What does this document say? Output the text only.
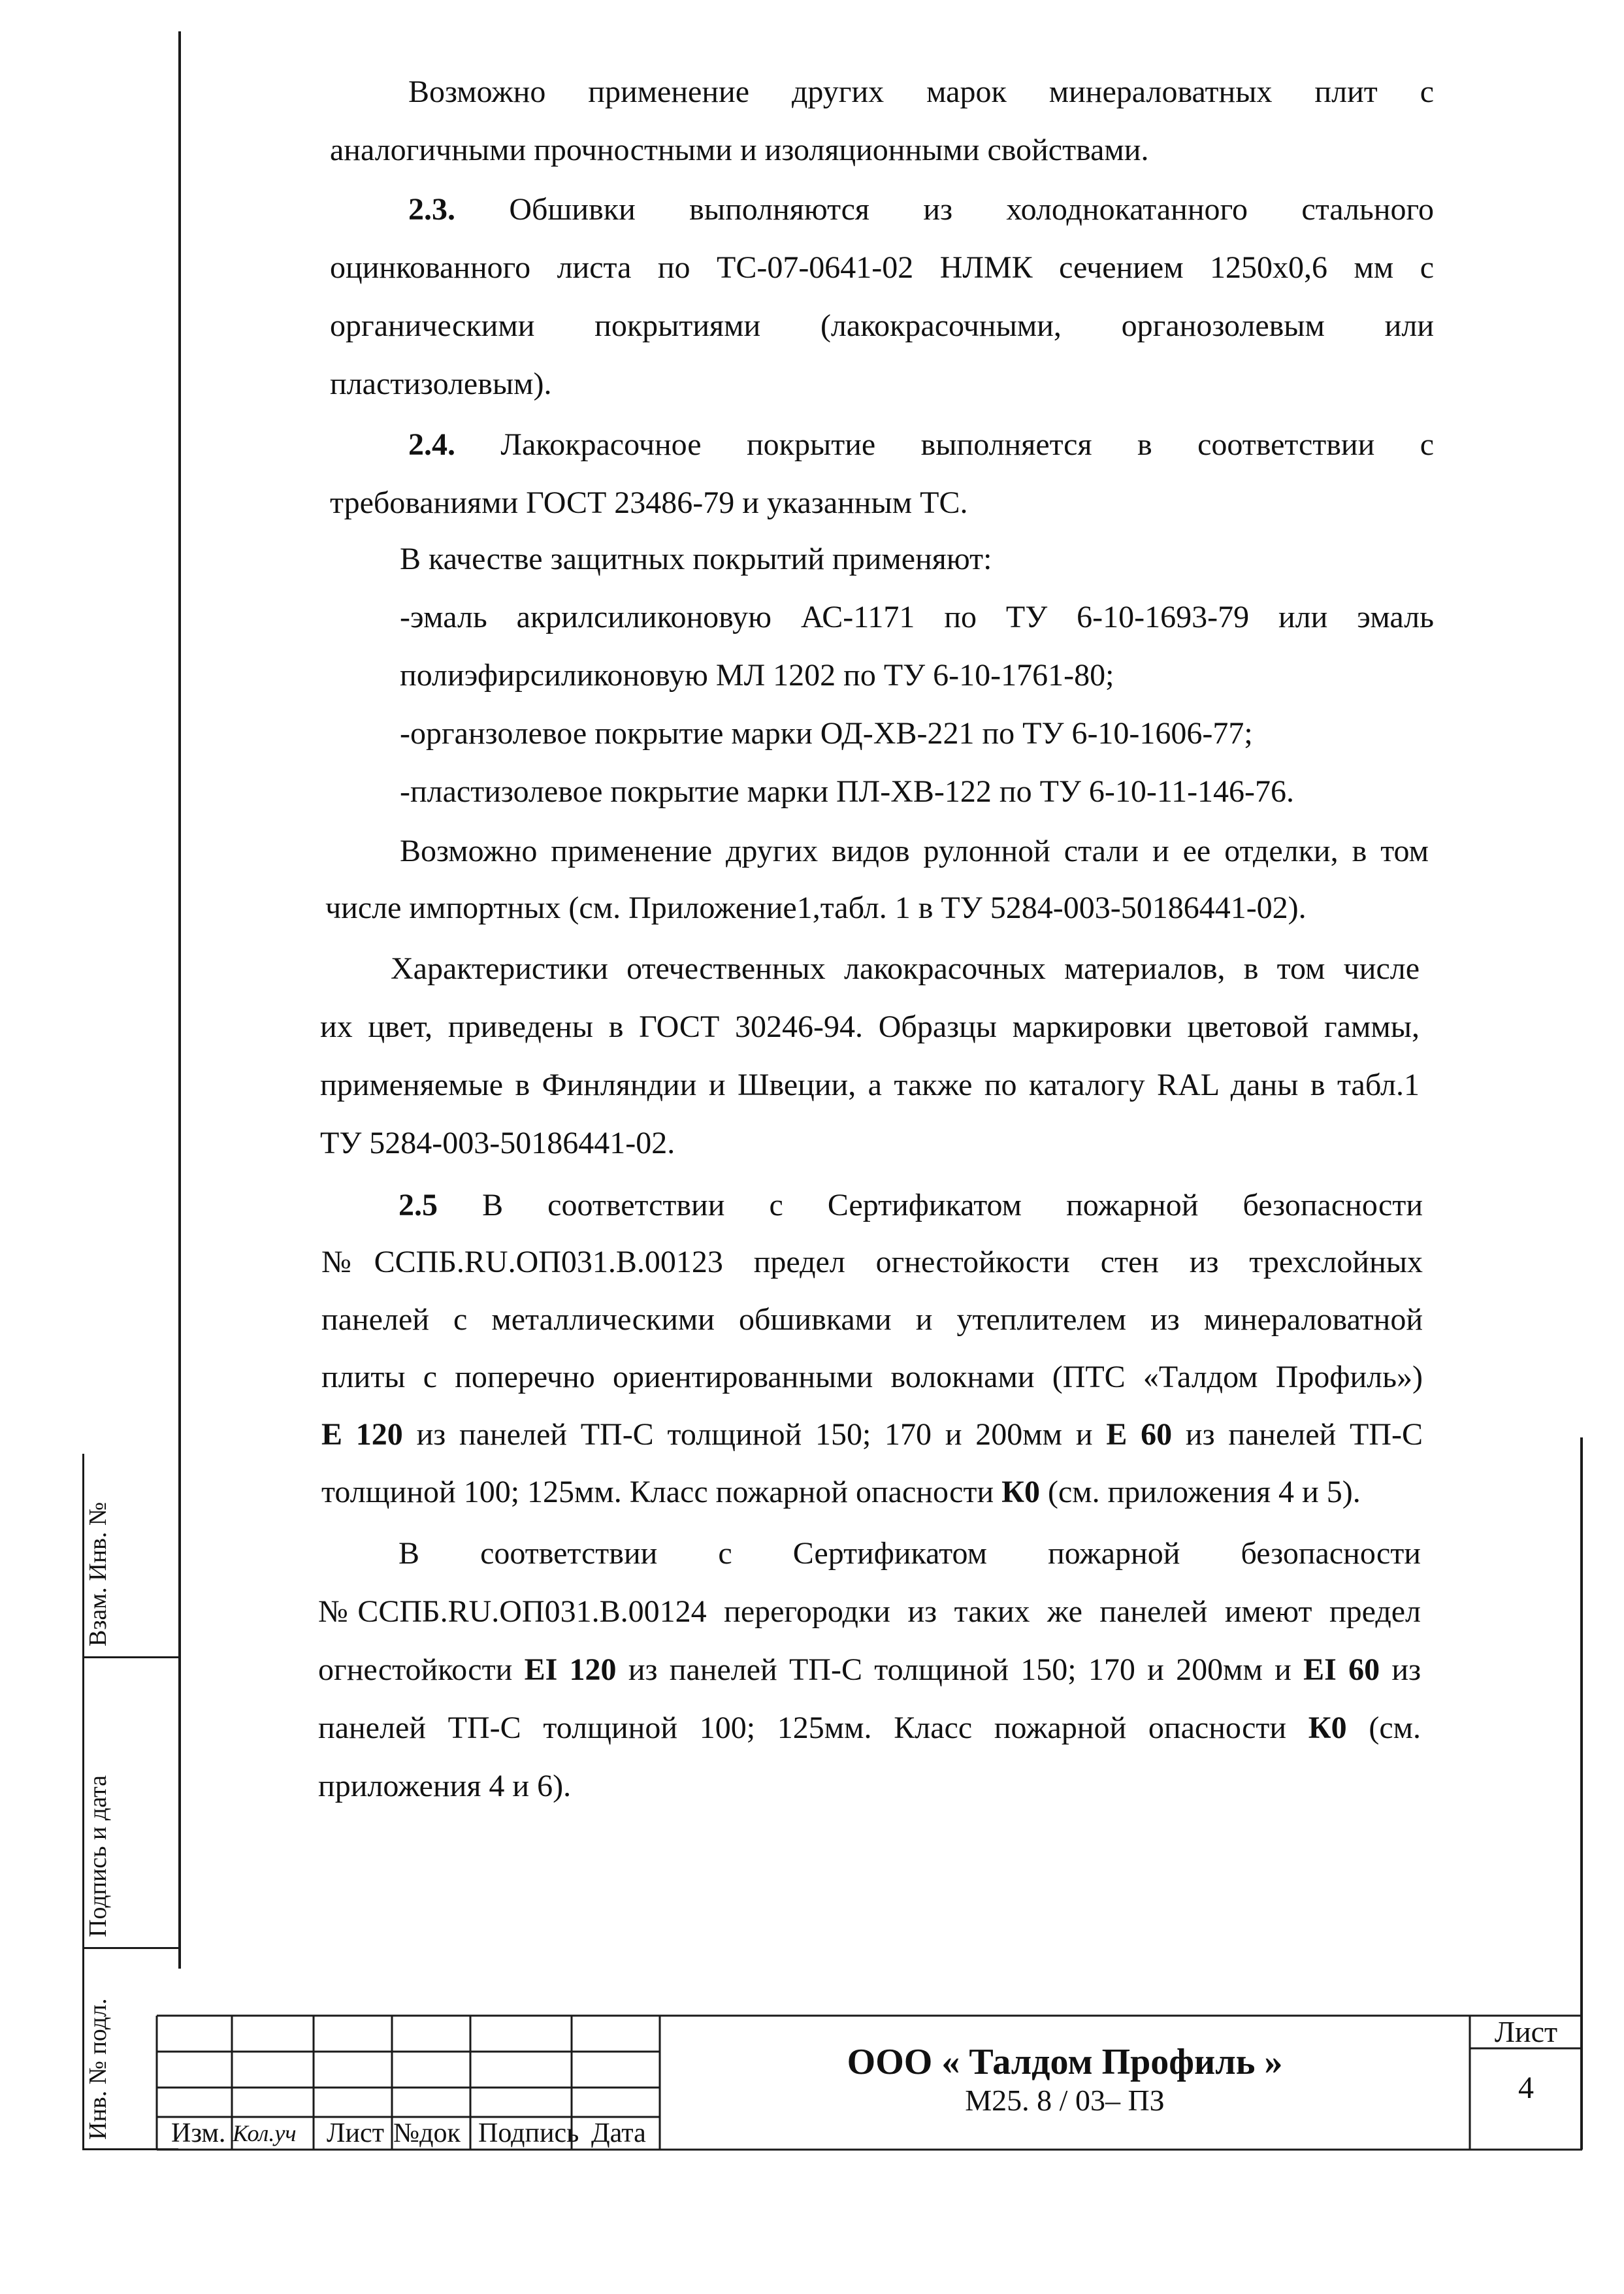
Взам. Инв. №
Подпись и дата
Инв. № подл.
Возможно применение других марок минераловатных плит с
аналогичными прочностными и изоляционными свойствами.
2.3. Обшивки выполняются из холоднокатанного стального
оцинкованного листа по ТС-07-0641-02 НЛМК сечением 1250х0,6 мм с
органическими покрытиями (лакокрасочными, органозолевым или
пластизолевым).
2.4. Лакокрасочное покрытие выполняется в соответствии с
требованиями ГОСТ 23486-79 и указанным ТС.
В качестве защитных покрытий применяют:
-эмаль акрилсиликоновую АС-1171 по ТУ 6-10-1693-79 или эмаль
полиэфирсиликоновую МЛ 1202 по ТУ 6-10-1761-80;
-органзолевое покрытие марки ОД-ХВ-221 по ТУ 6-10-1606-77;
-пластизолевое покрытие марки ПЛ-ХВ-122 по ТУ 6-10-11-146-76.
Возможно применение других видов рулонной стали и ее отделки, в том
числе импортных (см. Приложение1,табл. 1 в ТУ 5284-003-50186441-02).
Характеристики отечественных лакокрасочных материалов, в том числе
их цвет, приведены в ГОСТ 30246-94. Образцы маркировки цветовой гаммы,
применяемые в Финляндии и Швеции, а также по каталогу RAL даны в табл.1
ТУ 5284-003-50186441-02.
2.5 В соответствии с Сертификатом пожарной безопасности
№ССПБ.RU.ОП031.В.00123 предел огнестойкости стен из трехслойных
панелей с металлическими обшивками и утеплителем из минераловатной
плиты с поперечно ориентированными волокнами (ПТС «Талдом Профиль»)
Е 120 из панелей ТП-С толщиной 150; 170 и 200мм и Е 60 из панелей ТП-С
толщиной 100; 125мм. Класс пожарной опасности К0 (см. приложения 4 и 5).
В соответствии с Сертификатом пожарной безопасности
№ССПБ.RU.ОП031.В.00124 перегородки из таких же панелей имеют предел
огнестойкости EI 120 из панелей ТП-С толщиной 150; 170 и 200мм и EI 60 из
панелей ТП-С толщиной 100; 125мм. Класс пожарной опасности К0 (см.
приложения 4 и 6).
Изм. Кол.уч Лист №док Подпись Дата
ООО « Талдом Профиль »
М25. 8 / 03– ПЗ
Лист
4
